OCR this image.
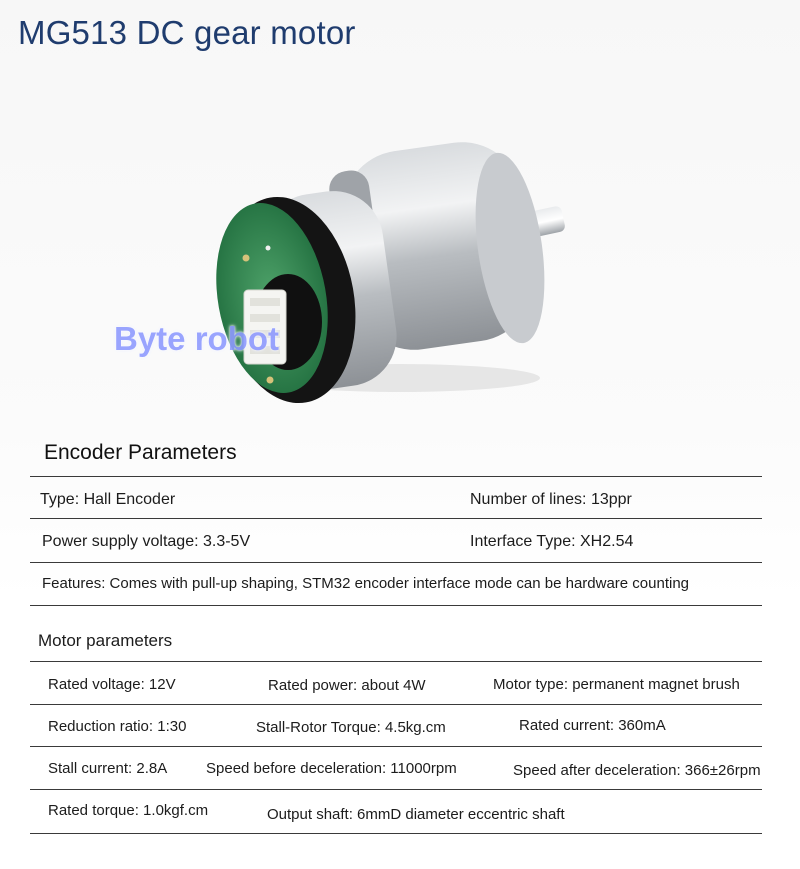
MG513 DC gear motor
Byte robot
Encoder Parameters
Type: Hall Encoder	Number of lines: 13ppr
Power supply voltage: 3.3-5V	Interface Type: XH2.54
Features: Comes with pull-up shaping, STM32 encoder interface mode can be hardware counting
Motor parameters
Rated voltage: 12V	Rated power: about 4W	Motor type: permanent magnet brush
Reduction ratio: 1:30	Stall-Rotor Torque: 4.5kg.cm	Rated current: 360mA
Stall current: 2.8A	Speed before deceleration: 11000rpm	Speed after deceleration: 366±26rpm
Rated torque: 1.0kgf.cm	Output shaft: 6mmD diameter eccentric shaft
